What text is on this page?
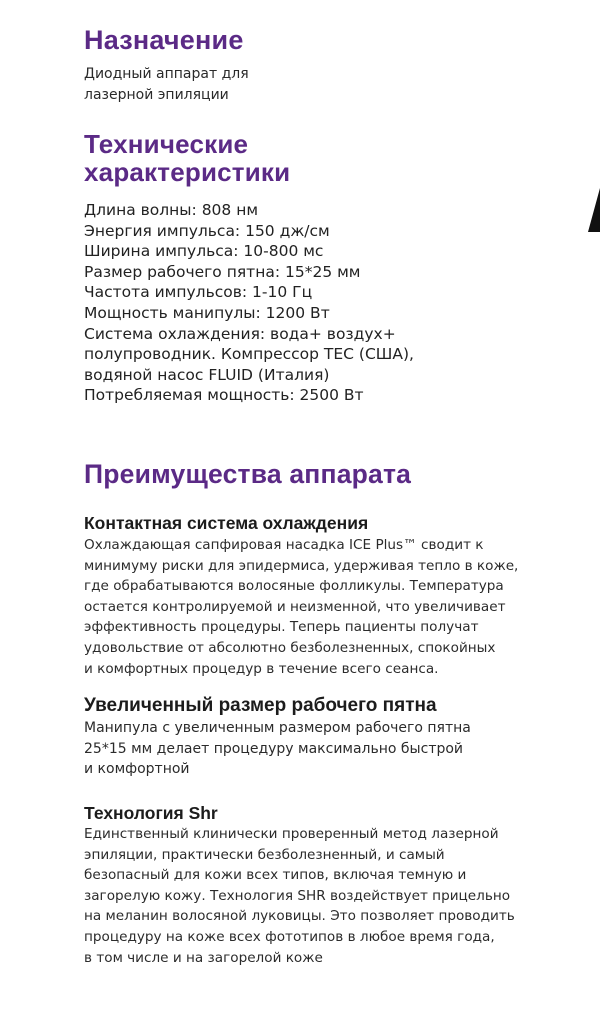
Назначение
Диодный аппарат для
лазерной эпиляции
Технические
характеристики
Длина волны: 808 нм
Энергия импульса: 150 дж/см
Ширина импульса: 10-800 мс
Размер рабочего пятна: 15*25 мм
Частота импульсов: 1-10 Гц
Мощность манипулы: 1200 Вт
Система охлаждения: вода+ воздух+
полупроводник. Компрессор ТЕС (США),
водяной насос FLUID (Италия)
Потребляемая мощность: 2500 Вт
Преимущества аппарата
Контактная система охлаждения
Охлаждающая сапфировая насадка ICE Plus™ сводит к
минимуму риски для эпидермиса, удерживая тепло в коже,
где обрабатываются волосяные фолликулы. Температура
остается контролируемой и неизменной, что увеличивает
эффективность процедуры. Теперь пациенты получат
удовольствие от абсолютно безболезненных, спокойных
и комфортных процедур в течение всего сеанса.
Увеличенный размер рабочего пятна
Манипула с увеличенным размером рабочего пятна
25*15 мм делает процедуру максимально быстрой
и комфортной
Технология Shr
Единственный клинически проверенный метод лазерной
эпиляции, практически безболезненный, и самый
безопасный для кожи всех типов, включая темную и
загорелую кожу. Технология SHR воздействует прицельно
на меланин волосяной луковицы. Это позволяет проводить
процедуру на коже всех фототипов в любое время года,
в том числе и на загорелой коже
